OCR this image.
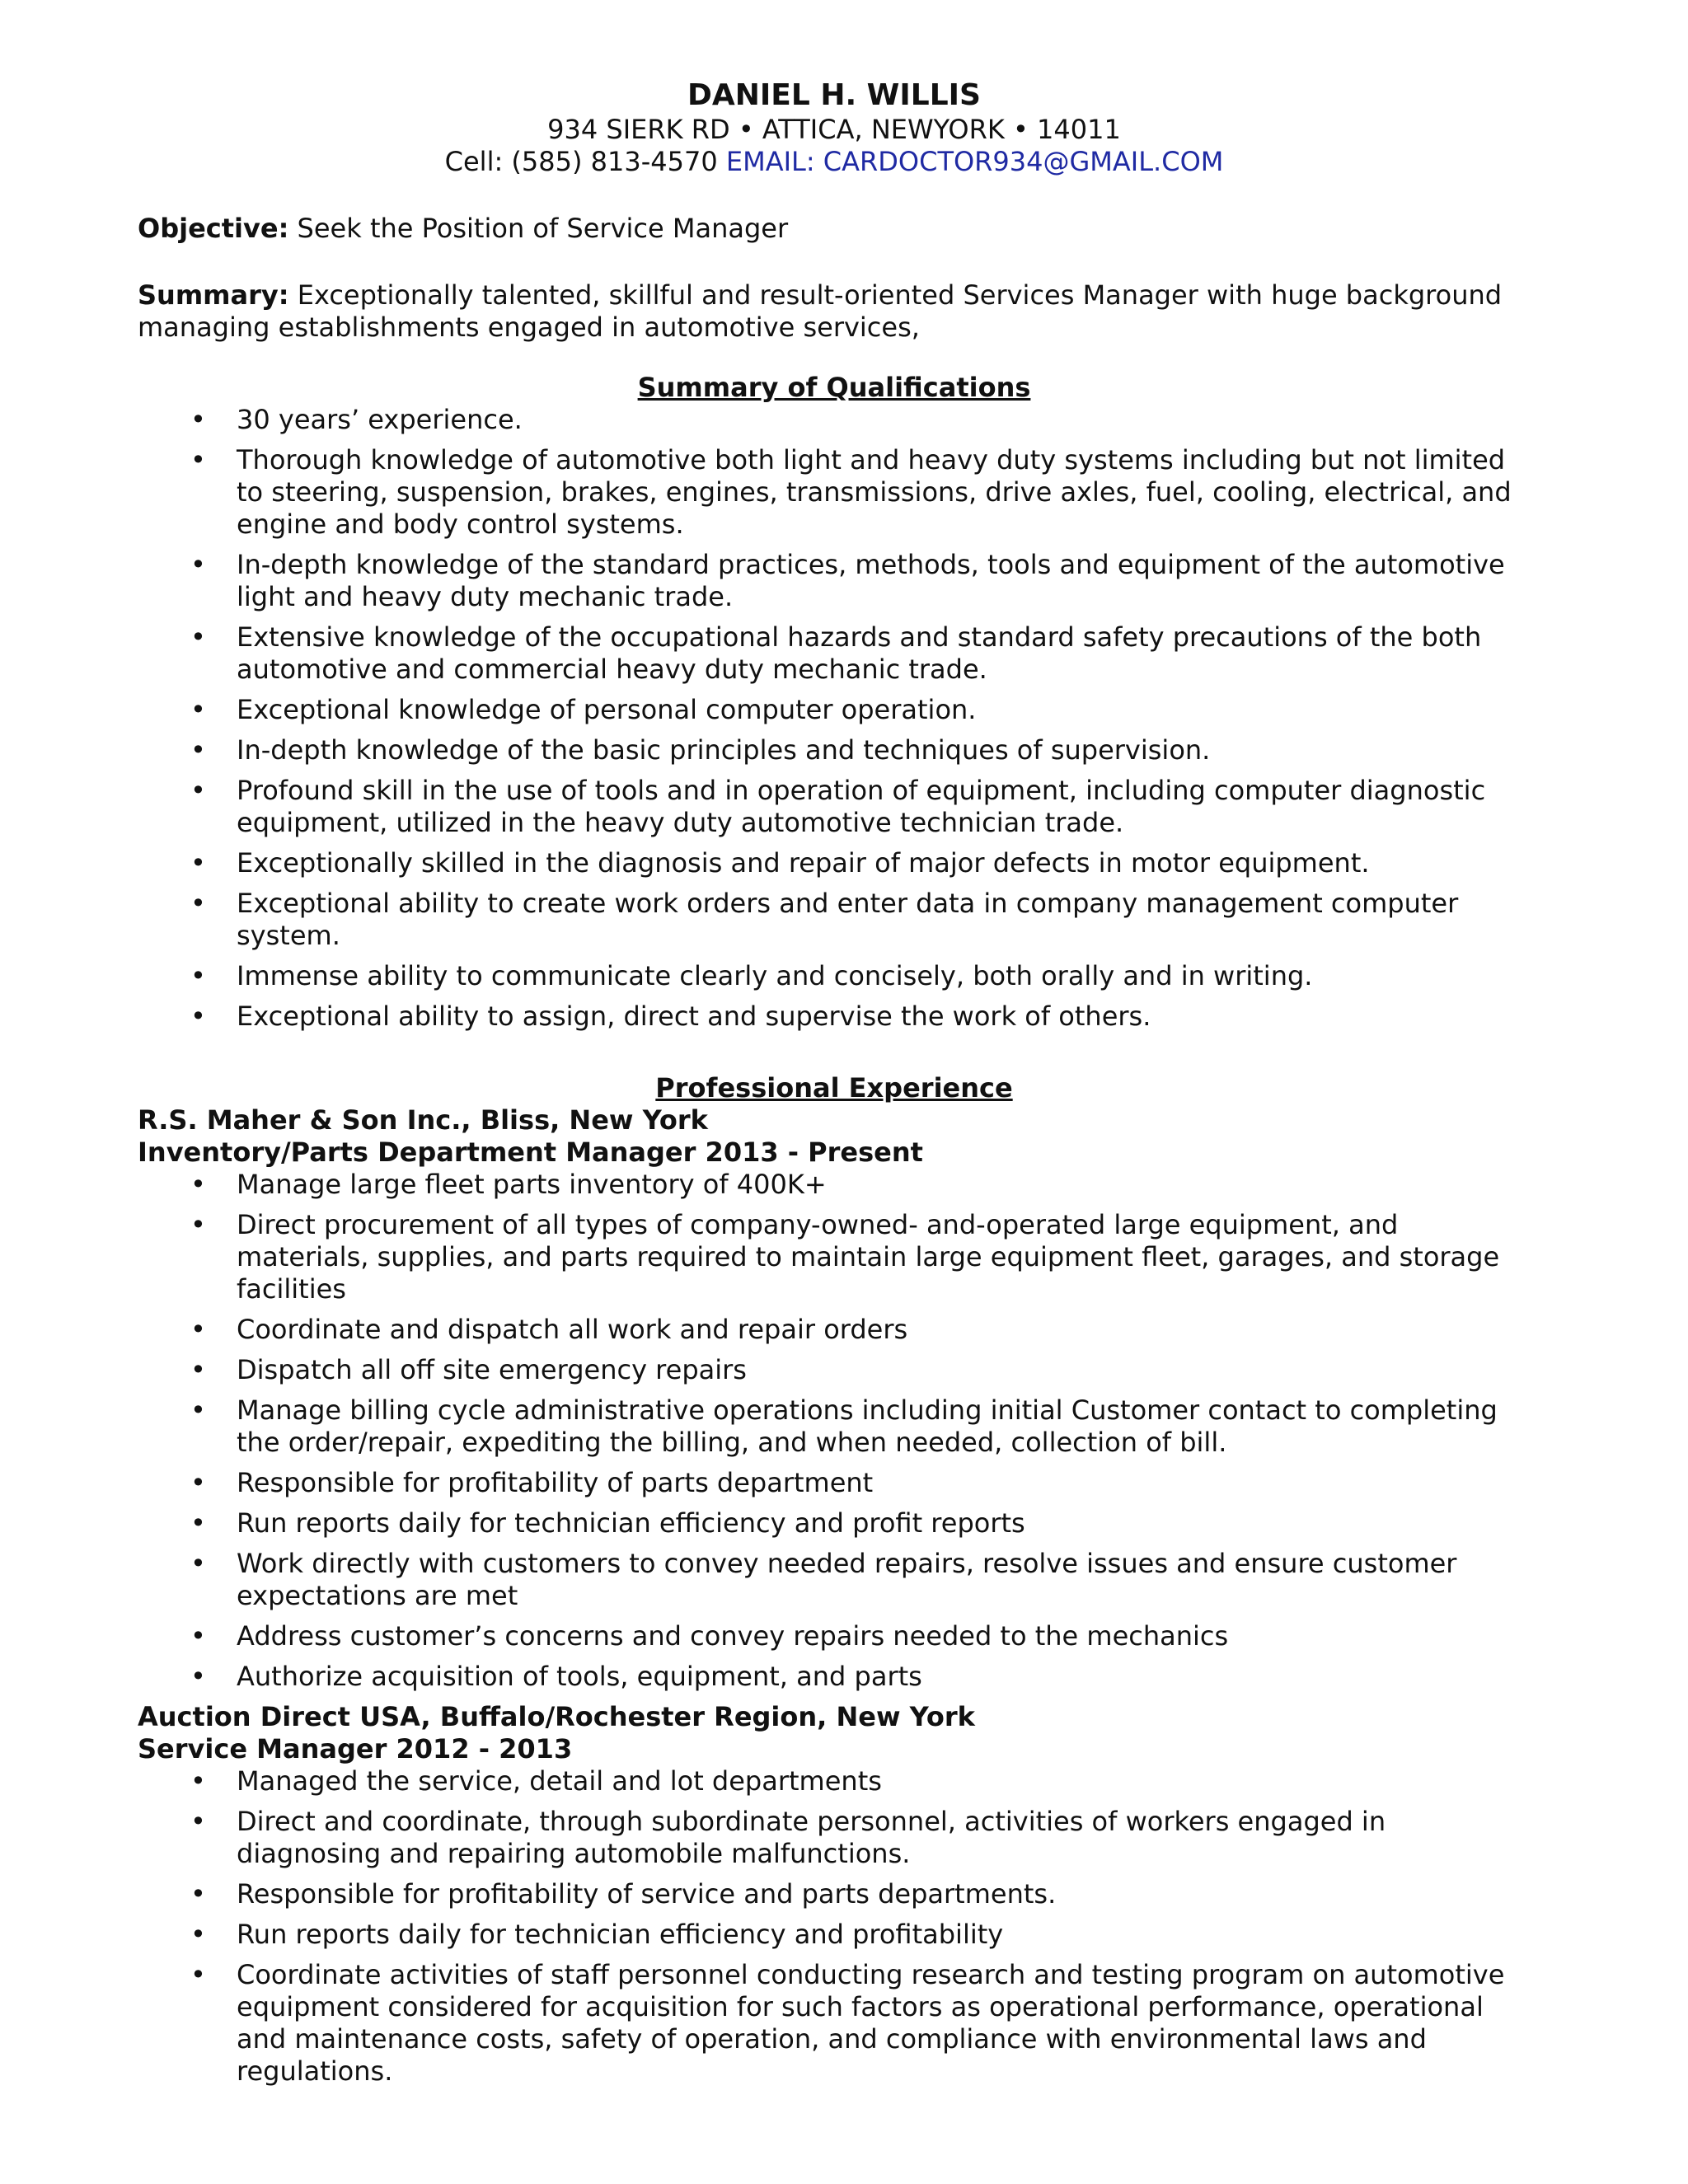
DANIEL H. WILLIS

934 SIERK RD • ATTICA, NEWYORK • 14011

Cell: (585) 813-4570 EMAIL: CARDOCTOR934@GMAIL.COM

Objective: Seek the Position of Service Manager

Summary: Exceptionally talented, skillful and result-oriented Services Manager with huge background managing establishments engaged in automotive services,

Summary of Qualifications

• 30 years’ experience.
• Thorough knowledge of automotive both light and heavy duty systems including but not limited to steering, suspension, brakes, engines, transmissions, drive axles, fuel, cooling, electrical, and engine and body control systems.
• In-depth knowledge of the standard practices, methods, tools and equipment of the automotive light and heavy duty mechanic trade.
• Extensive knowledge of the occupational hazards and standard safety precautions of the both automotive and commercial heavy duty mechanic trade.
• Exceptional knowledge of personal computer operation.
• In-depth knowledge of the basic principles and techniques of supervision.
• Profound skill in the use of tools and in operation of equipment, including computer diagnostic equipment, utilized in the heavy duty automotive technician trade.
• Exceptionally skilled in the diagnosis and repair of major defects in motor equipment.
• Exceptional ability to create work orders and enter data in company management computer system.
• Immense ability to communicate clearly and concisely, both orally and in writing.
• Exceptional ability to assign, direct and supervise the work of others.

Professional Experience

R.S. Maher & Son Inc., Bliss, New York

Inventory/Parts Department Manager 2013 - Present

• Manage large fleet parts inventory of 400K+
• Direct procurement of all types of company-owned- and-operated large equipment, and materials, supplies, and parts required to maintain large equipment fleet, garages, and storage facilities
• Coordinate and dispatch all work and repair orders
• Dispatch all off site emergency repairs
• Manage billing cycle administrative operations including initial Customer contact to completing the order/repair, expediting the billing, and when needed, collection of bill.
• Responsible for profitability of parts department
• Run reports daily for technician efficiency and profit reports
• Work directly with customers to convey needed repairs, resolve issues and ensure customer expectations are met
• Address customer’s concerns and convey repairs needed to the mechanics
• Authorize acquisition of tools, equipment, and parts

Auction Direct USA, Buffalo/Rochester Region, New York

Service Manager 2012 - 2013

• Managed the service, detail and lot departments
• Direct and coordinate, through subordinate personnel, activities of workers engaged in diagnosing and repairing automobile malfunctions.
• Responsible for profitability of service and parts departments.
• Run reports daily for technician efficiency and profitability
• Coordinate activities of staff personnel conducting research and testing program on automotive equipment considered for acquisition for such factors as operational performance, operational and maintenance costs, safety of operation, and compliance with environmental laws and regulations.
